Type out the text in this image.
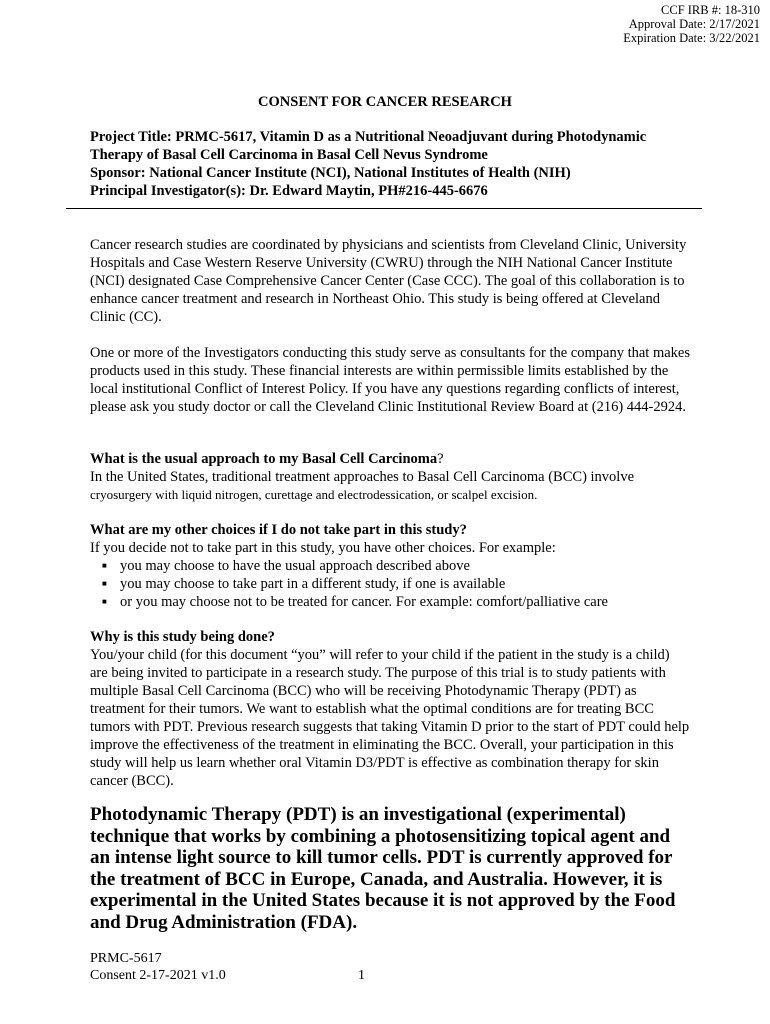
CCF IRB #: 18-310
Approval Date: 2/17/2021
Expiration Date: 3/22/2021
CONSENT FOR CANCER RESEARCH
Project Title: PRMC-5617, Vitamin D as a Nutritional Neoadjuvant during Photodynamic
Therapy of Basal Cell Carcinoma in Basal Cell Nevus Syndrome
Sponsor: National Cancer Institute (NCI), National Institutes of Health (NIH)
Principal Investigator(s): Dr. Edward Maytin, PH#216-445-6676

Cancer research studies are coordinated by physicians and scientists from Cleveland Clinic, University Hospitals and Case Western Reserve University (CWRU) through the NIH National Cancer Institute (NCI) designated Case Comprehensive Cancer Center (Case CCC). The goal of this collaboration is to enhance cancer treatment and research in Northeast Ohio. This study is being offered at Cleveland Clinic (CC).

One or more of the Investigators conducting this study serve as consultants for the company that makes products used in this study. These financial interests are within permissible limits established by the local institutional Conflict of Interest Policy. If you have any questions regarding conflicts of interest, please ask you study doctor or call the Cleveland Clinic Institutional Review Board at (216) 444-2924.

What is the usual approach to my Basal Cell Carcinoma?
In the United States, traditional treatment approaches to Basal Cell Carcinoma (BCC) involve
cryosurgery with liquid nitrogen, curettage and electrodessication, or scalpel excision.
What are my other choices if I do not take part in this study?
If you decide not to take part in this study, you have other choices. For example:
■ you may choose to have the usual approach described above
■ you may choose to take part in a different study, if one is available
■ or you may choose not to be treated for cancer. For example: comfort/palliative care
Why is this study being done?
You/your child (for this document “you” will refer to your child if the patient in the study is a child) are being invited to participate in a research study. The purpose of this trial is to study patients with multiple Basal Cell Carcinoma (BCC) who will be receiving Photodynamic Therapy (PDT) as treatment for their tumors. We want to establish what the optimal conditions are for treating BCC tumors with PDT. Previous research suggests that taking Vitamin D prior to the start of PDT could help improve the effectiveness of the treatment in eliminating the BCC. Overall, your participation in this study will help us learn whether oral Vitamin D3/PDT is effective as combination therapy for skin cancer (BCC).
Photodynamic Therapy (PDT) is an investigational (experimental) technique that works by combining a photosensitizing topical agent and an intense light source to kill tumor cells. PDT is currently approved for the treatment of BCC in Europe, Canada, and Australia. However, it is experimental in the United States because it is not approved by the Food and Drug Administration (FDA).
PRMC-5617
Consent 2-17-2021 v1.0	1
